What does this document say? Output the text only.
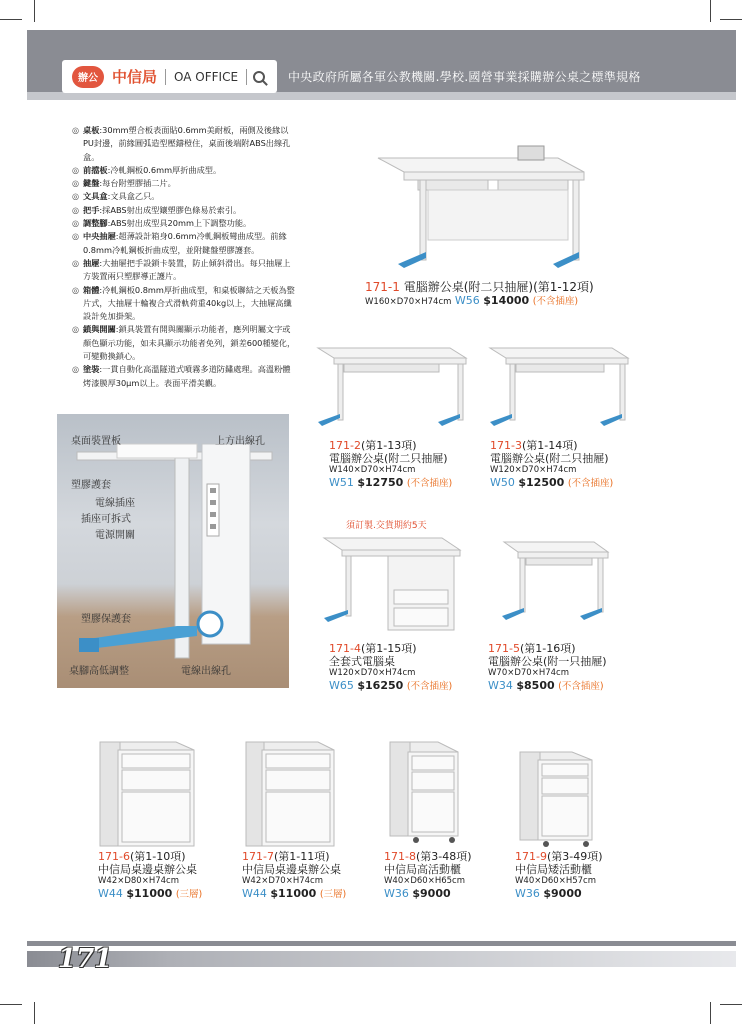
辦公 中信局 OA OFFICE	中央政府所屬各軍公教機關.學校.國營事業採購辦公桌之標準規格
◎ 桌板:30mm塑合板表面貼0.6mm美耐板，兩側及後緣以PU封邊，前緣圓弧造型壓鑄榿住，桌面後端附ABS出線孔盒。
◎ 前擋板:冷軋鋼板0.6mm厚折曲成型。
◎ 鍵盤:每台附塑膠插二片。
◎ 文具盒:文具盒乙只。
◎ 把手:採ABS射出成型鑲塑膠色條易於索引。
◎ 調整腳:ABS射出成型具20mm上下調整功能。
◎ 中央抽屜:超薄設計箱身0.6mm冷軋鋼板彎曲成型。前緣0.8mm冷軋鋼板折曲成型，並附鍵盤塑膠護套。
◎ 抽屜:大抽屜把手設鎖卡裝置，防止傾斜滑出。每只抽屜上方裝置兩只塑膠導正護片。
◎ 箱體:冷軋鋼板0.8mm厚折曲成型，和桌板聯結之天板為整片式，大抽屜十輪複合式滑軌荷重40kg以上，大抽屜高纖設計免加掛架。
◎ 鎖與開關:鎖具裝置有開與關顯示功能者，應列明屬文字或顏色顯示功能，如未具顯示功能者免列，鎖差600種變化，可變動換鎖心。
◎ 塗裝:一貫自動化高溫隧道式噴霧多道防鏽處理。高溫粉體烤漆膜厚30μm以上。表面平滑美觀。
桌面裝置板	上方出線孔
塑膠護套
電線插座
插座可拆式
電源開關
塑膠保護套
桌腳高低調整	電線出線孔
171-1 電腦辦公桌(附二只抽屜)(第1-12項)
W160×D70×H74cm W56 $14000 (不含插座)
171-2(第1-13項)
電腦辦公桌(附二只抽屜)
W140×D70×H74cm
W51 $12750 (不含插座)
171-3(第1-14項)
電腦辦公桌(附二只抽屜)
W120×D70×H74cm
W50 $12500 (不含插座)
須訂製.交貨期約5天
171-4(第1-15項)
全套式電腦桌
W120×D70×H74cm
W65 $16250 (不含插座)
171-5(第1-16項)
電腦辦公桌(附一只抽屜)
W70×D70×H74cm
W34 $8500 (不含插座)
171-6(第1-10項)
中信局桌邊桌辦公桌
W42×D80×H74cm
W44 $11000 (三層)
171-7(第1-11項)
中信局桌邊桌辦公桌
W42×D70×H74cm
W44 $11000 (三層)
171-8(第3-48項)
中信局高活動櫃
W40×D60×H65cm
W36 $9000
171-9(第3-49項)
中信局矮活動櫃
W40×D60×H57cm
W36 $9000
171
